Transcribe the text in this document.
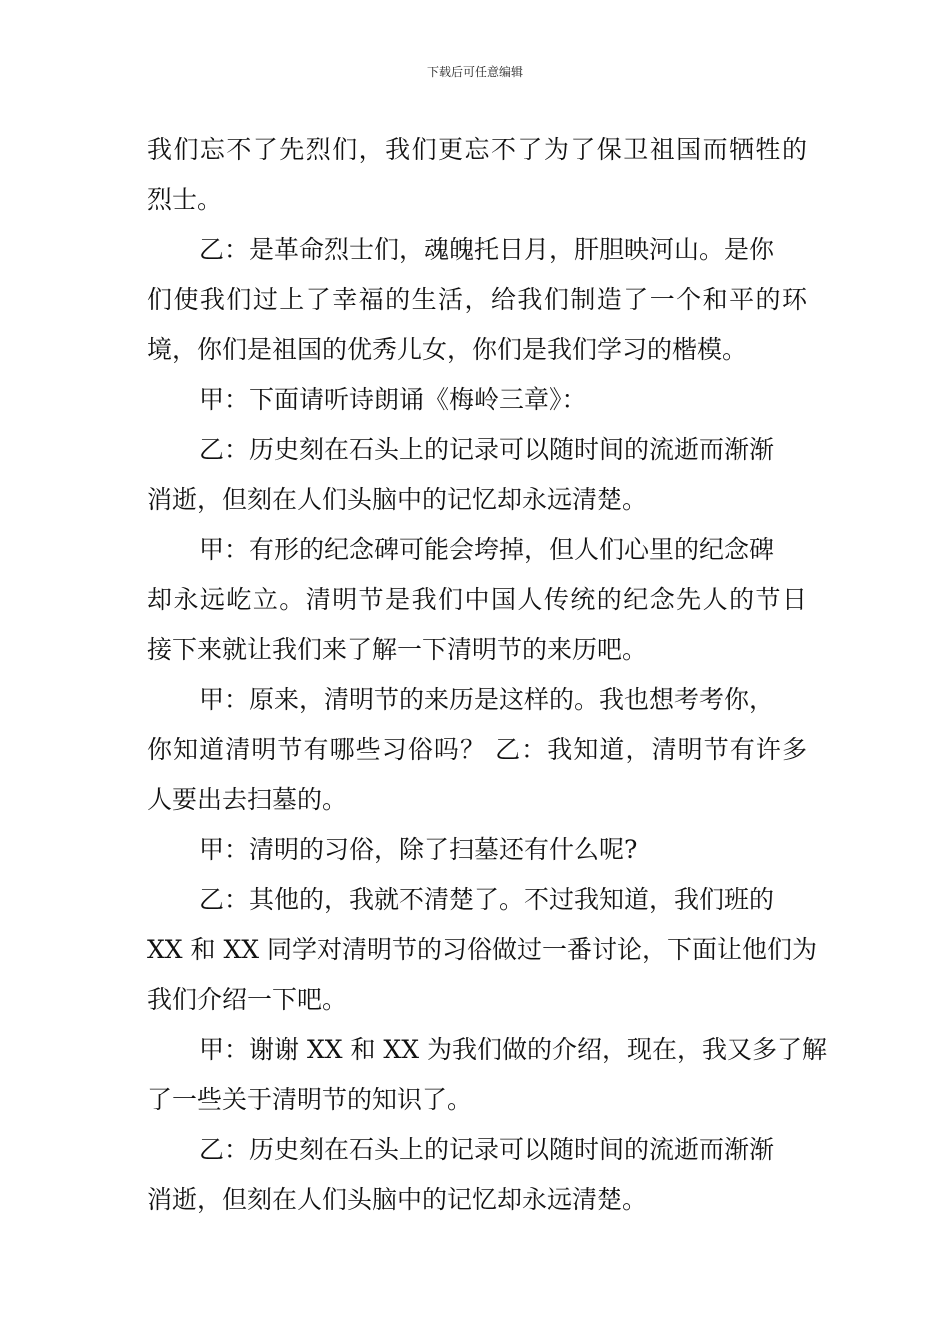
下载后可任意编辑
我们忘不了先烈们，我们更忘不了为了保卫祖国而牺牲的
烈士。
乙：是革命烈士们，魂魄托日月，肝胆映河山。是你
们使我们过上了幸福的生活，给我们制造了一个和平的环
境，你们是祖国的优秀儿女，你们是我们学习的楷模。
甲：下面请听诗朗诵《梅岭三章》：
乙：历史刻在石头上的记录可以随时间的流逝而渐渐
消逝，但刻在人们头脑中的记忆却永远清楚。
甲：有形的纪念碑可能会垮掉，但人们心里的纪念碑
却永远屹立。清明节是我们中国人传统的纪念先人的节日
接下来就让我们来了解一下清明节的来历吧。
甲：原来，清明节的来历是这样的。我也想考考你，
你知道清明节有哪些习俗吗？ 乙：我知道，清明节有许多
人要出去扫墓的。
甲：清明的习俗，除了扫墓还有什么呢?
乙：其他的，我就不清楚了。不过我知道，我们班的
XX 和 XX 同学对清明节的习俗做过一番讨论，下面让他们为
我们介绍一下吧。
甲：谢谢 XX 和 XX 为我们做的介绍，现在，我又多了解
了一些关于清明节的知识了。
乙：历史刻在石头上的记录可以随时间的流逝而渐渐
消逝，但刻在人们头脑中的记忆却永远清楚。
